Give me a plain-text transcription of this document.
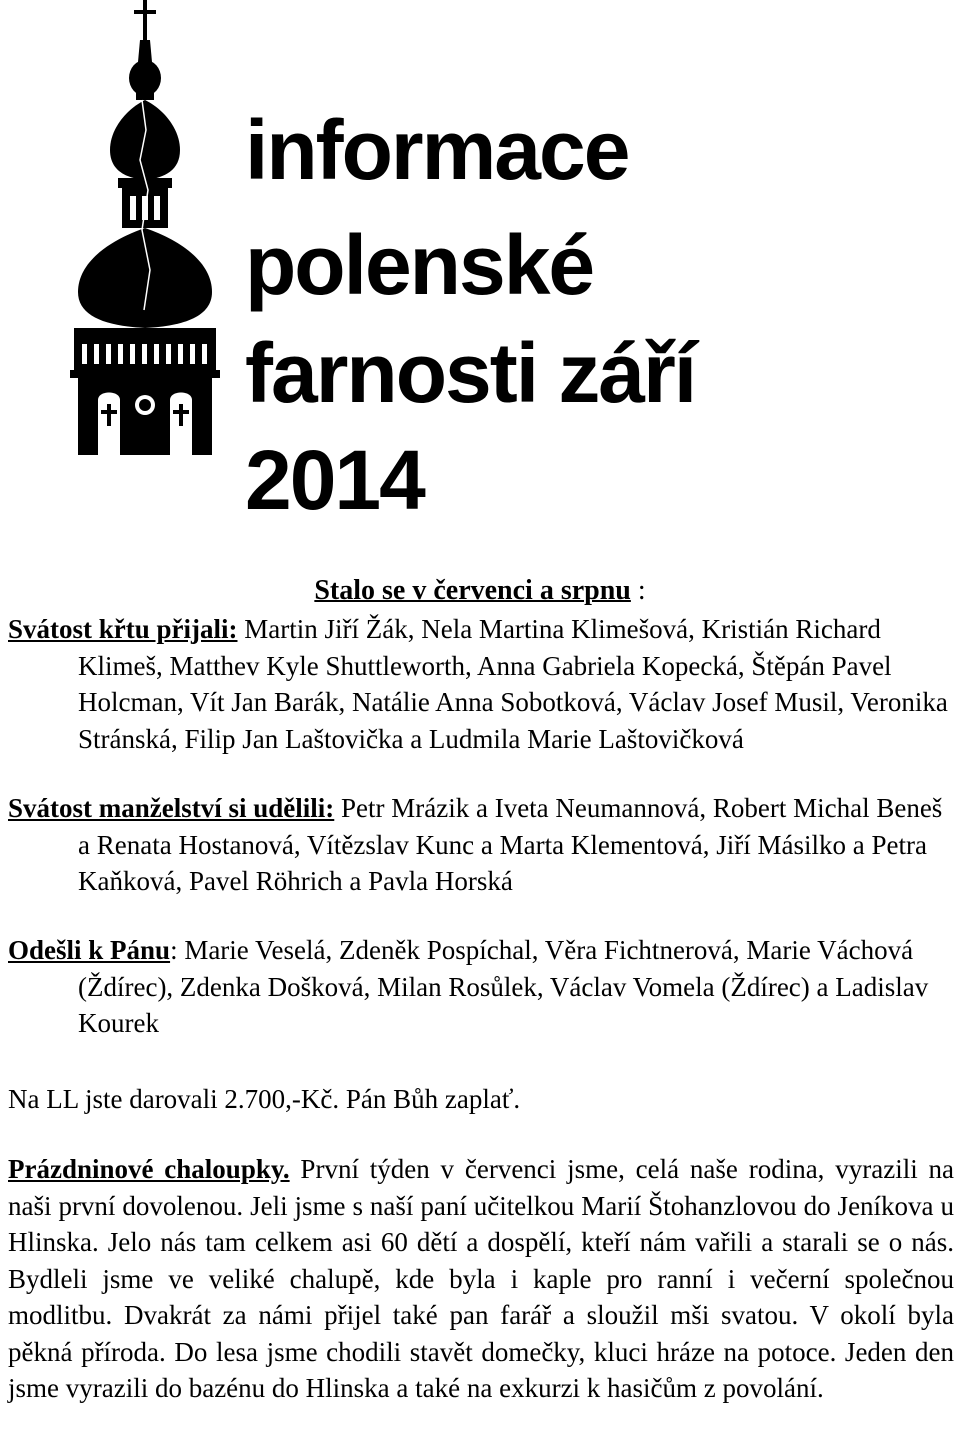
informace
polenské
farnosti září
2014
Stalo se v červenci a srpnu :
Svátost křtu přijali: Martin Jiří Žák, Nela Martina Klimešová, Kristián Richard Klimeš, Matthev Kyle Shuttleworth, Anna Gabriela Kopecká, Štěpán Pavel Holcman, Vít Jan Barák, Natálie Anna Sobotková, Václav Josef Musil, Veronika Stránská, Filip Jan Laštovička a Ludmila Marie Laštovičková
Svátost manželství si udělili: Petr Mrázik a Iveta Neumannová, Robert Michal Beneš a Renata Hostanová, Vítězslav Kunc a Marta Klementová, Jiří Másilko a Petra Kaňková, Pavel Röhrich a Pavla Horská
Odešli k Pánu: Marie Veselá, Zdeněk Pospíchal, Věra Fichtnerová, Marie Váchová (Ždírec), Zdenka Došková, Milan Rosůlek, Václav Vomela (Ždírec) a Ladislav Kourek
Na LL jste darovali 2.700,-Kč. Pán Bůh zaplať.
Prázdninové chaloupky. První týden v červenci jsme, celá naše rodina, vyrazili na naši první dovolenou. Jeli jsme s naší paní učitelkou Marií Štohanzlovou do Jeníkova u Hlinska. Jelo nás tam celkem asi 60 dětí a dospělí, kteří nám vařili a starali se o nás. Bydleli jsme ve veliké chalupě, kde byla i kaple pro ranní i večerní společnou modlitbu. Dvakrát za námi přijel také pan farář a sloužil mši svatou. V okolí byla pěkná příroda. Do lesa jsme chodili stavět domečky, kluci hráze na potoce. Jeden den jsme vyrazili do bazénu do Hlinska a také na exkurzi k hasičům z povolání.
